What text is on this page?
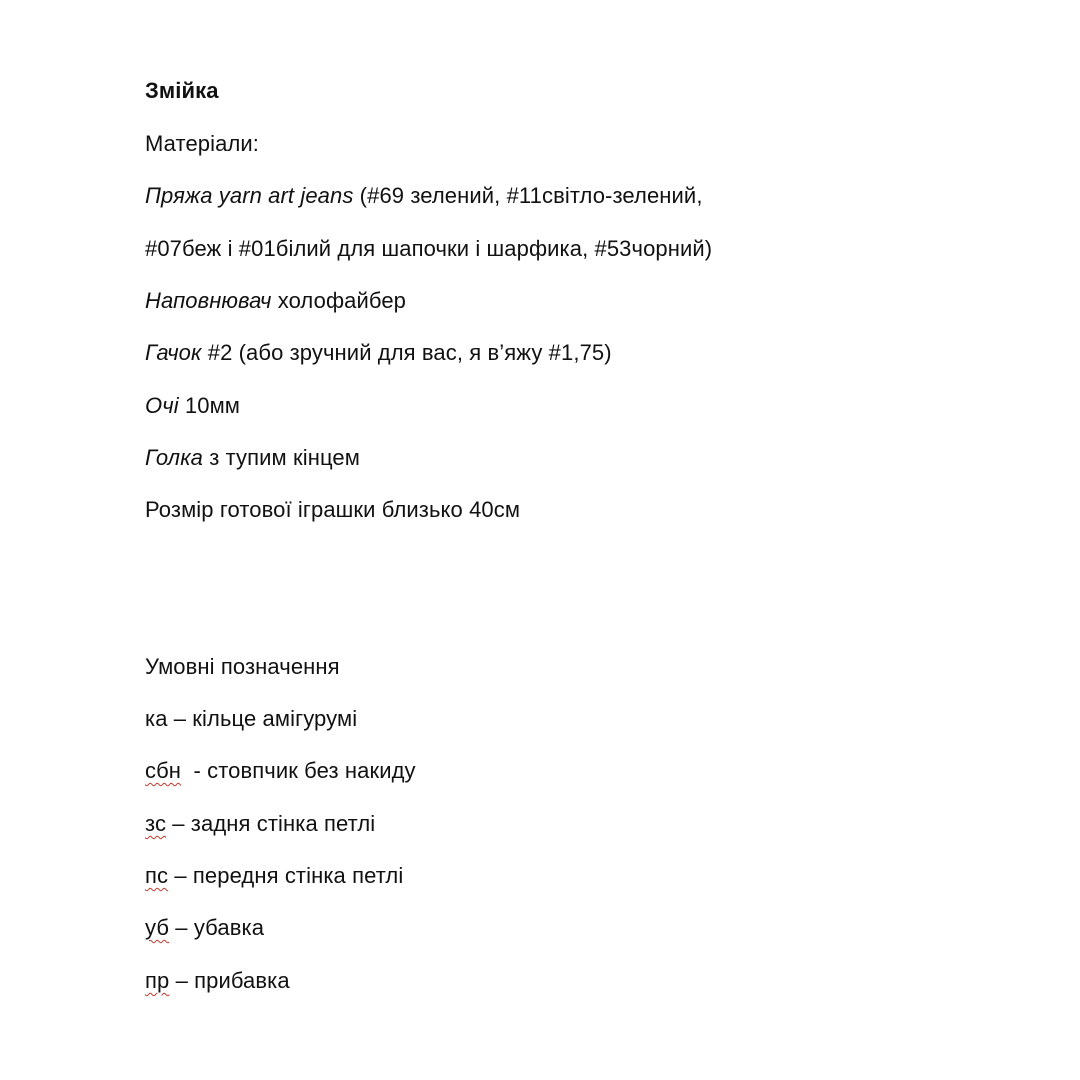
Змійка
Матеріали:
Пряжа yarn art jeans (#69 зелений, #11світло-зелений,
#07беж і #01білий для шапочки і шарфика, #53чорний)
Наповнювач холофайбер
Гачок #2 (або зручний для вас, я в’яжу #1,75)
Очі 10мм
Голка з тупим кінцем
Розмір готової іграшки близько 40см
Умовні позначення
ка – кільце амігурумі
сбн  - стовпчик без накиду
зс – задня стінка петлі
пс – передня стінка петлі
уб – убавка
пр – прибавка
